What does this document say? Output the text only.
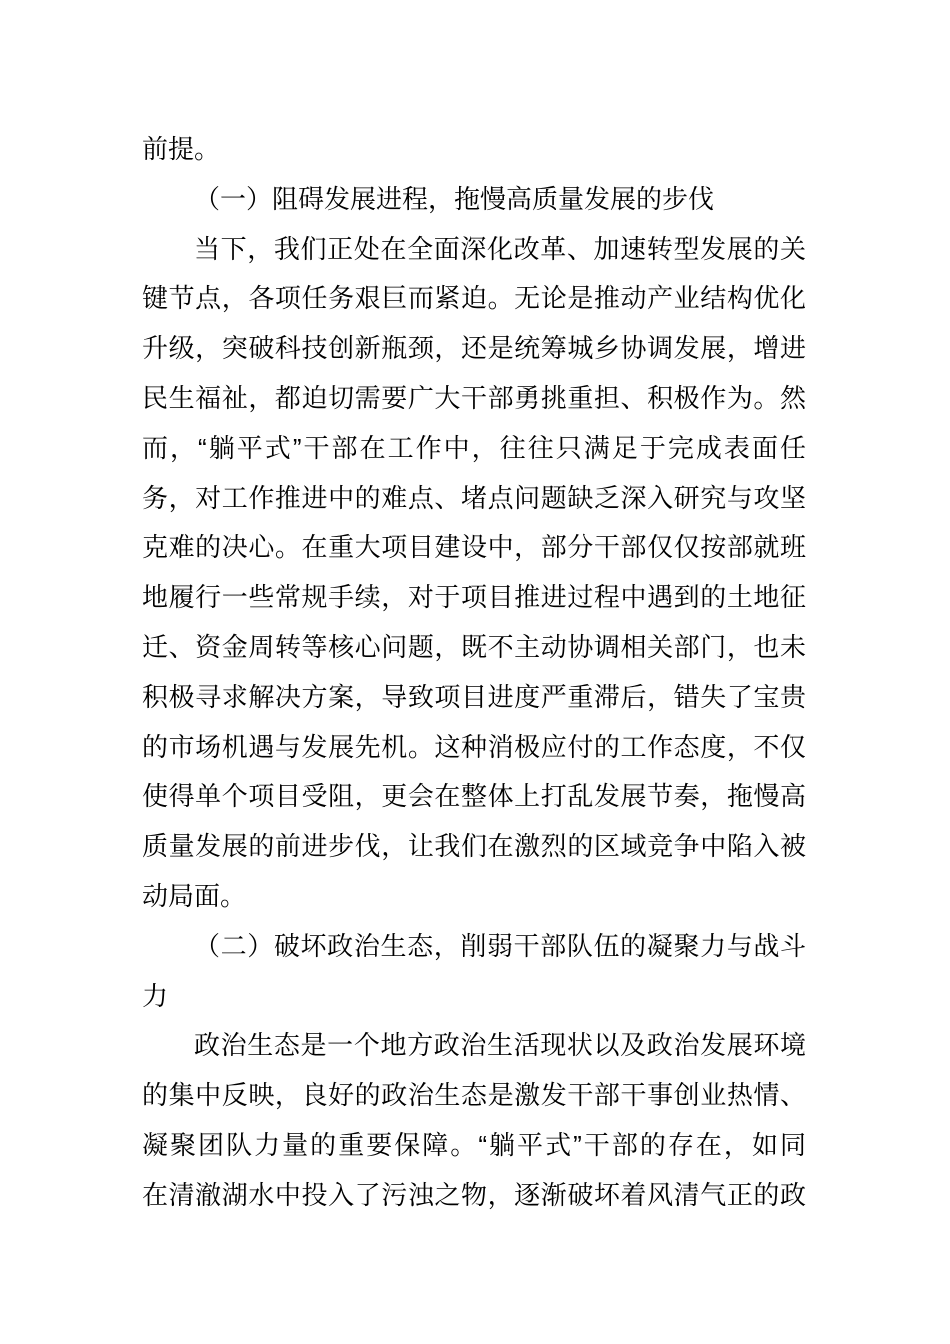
前提。
（一）阻碍发展进程，拖慢高质量发展的步伐
当下，我们正处在全面深化改革、加速转型发展的关
键节点，各项任务艰巨而紧迫。无论是推动产业结构优化
升级，突破科技创新瓶颈，还是统筹城乡协调发展，增进
民生福祉，都迫切需要广大干部勇挑重担、积极作为。然
而，“躺平式”干部在工作中，往往只满足于完成表面任
务，对工作推进中的难点、堵点问题缺乏深入研究与攻坚
克难的决心。在重大项目建设中，部分干部仅仅按部就班
地履行一些常规手续，对于项目推进过程中遇到的土地征
迁、资金周转等核心问题，既不主动协调相关部门，也未
积极寻求解决方案，导致项目进度严重滞后，错失了宝贵
的市场机遇与发展先机。这种消极应付的工作态度，不仅
使得单个项目受阻，更会在整体上打乱发展节奏，拖慢高
质量发展的前进步伐，让我们在激烈的区域竞争中陷入被
动局面。
（二）破坏政治生态，削弱干部队伍的凝聚力与战斗
力
政治生态是一个地方政治生活现状以及政治发展环境
的集中反映，良好的政治生态是激发干部干事创业热情、
凝聚团队力量的重要保障。“躺平式”干部的存在，如同
在清澈湖水中投入了污浊之物，逐渐破坏着风清气正的政
